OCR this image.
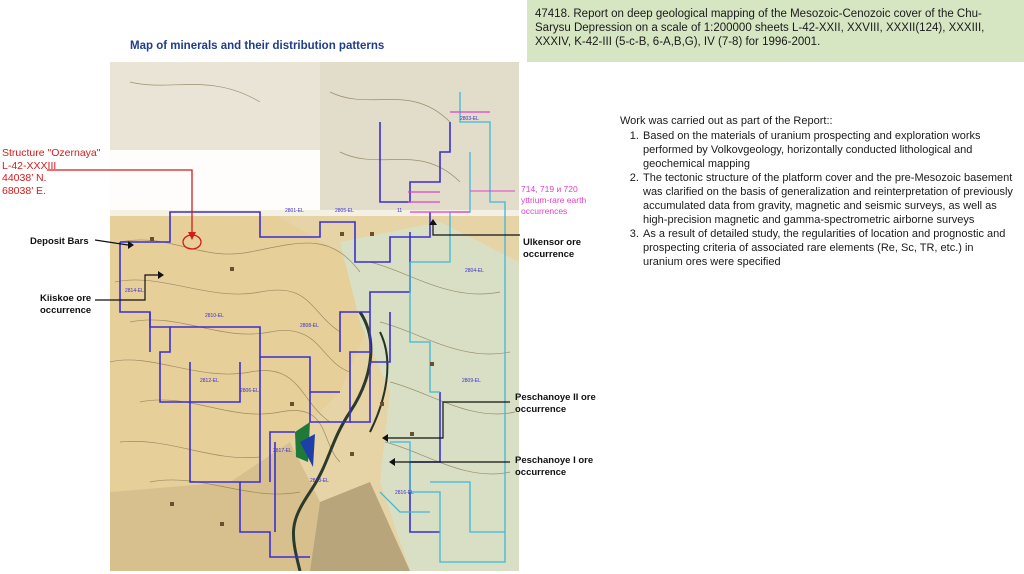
47418. Report on deep geological mapping of the Mesozoic-Cenozoic cover of the Chu-Sarysu Depression on a scale of 1:200000 sheets L-42-XXII, XXVIII, XXXII(124), XXXIII, XXXIV, K-42-III (5-c-B, 6-A,B,G), IV (7-8) for 1996-2001.
Map of minerals and their distribution patterns
2801-EL	2805-EL
2803-EL
2814-EL
2810-EL
2808-EL
2812-EL
2806-EL
2804-EL
2809-EL
2817-EL
2816-EL
2813-EL
11
Structure "Ozernaya"
L-42-XXXIII
44038’ N.
68038’ E.
Deposit Bars
Kiiskoe ore
occurrence
Ulkensor ore
occurrence
Peschanoye II ore
occurrence
Peschanoye I ore
occurrence
714, 719 и 720
yttrium-rare earth
occurrences
Work was carried out as part of the Report::
1. Based on the materials of uranium prospecting and exploration works performed by Volkovgeology, horizontally conducted lithological and geochemical mapping
2. The tectonic structure of the platform cover and the pre-Mesozoic basement was clarified on the basis of generalization and reinterpretation of previously accumulated data from gravity, magnetic and seismic surveys, as well as high-precision magnetic and gamma-spectrometric airborne surveys
3. As a result of detailed study, the regularities of location and prognostic and prospecting criteria of associated rare elements (Re, Sc, TR, etc.) in uranium ores were specified
